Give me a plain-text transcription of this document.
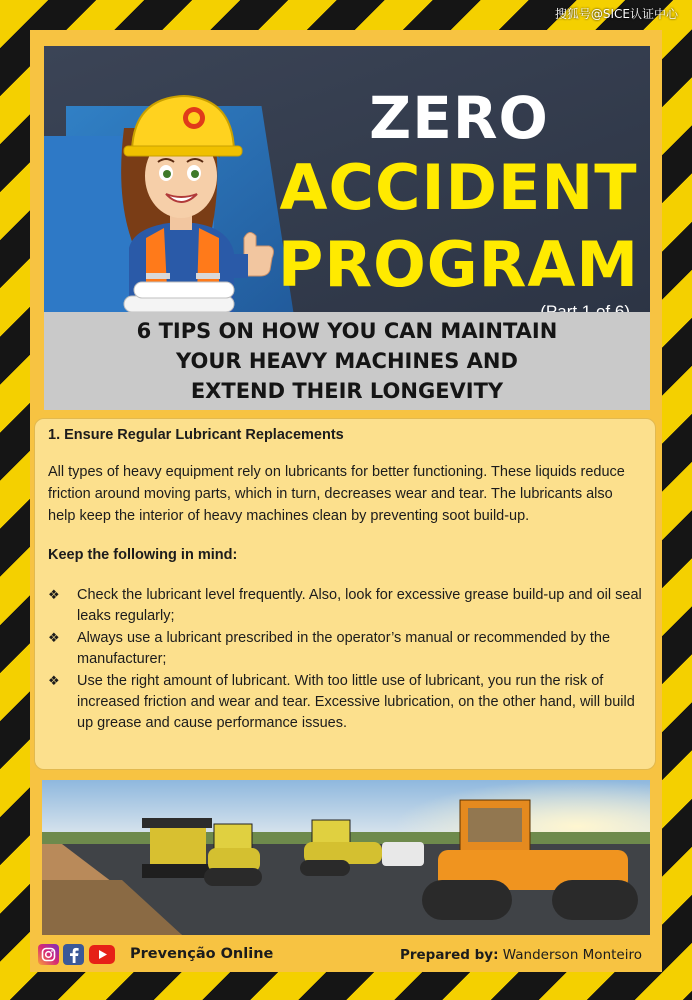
搜狐号@SICE认证中心
ZERO
ACCIDENT
PROGRAM
6 TIPS ON HOW YOU CAN MAINTAIN
YOUR HEAVY MACHINES AND
EXTEND THEIR LONGEVITY
1. Ensure Regular Lubricant Replacements

All types of heavy equipment rely on lubricants for better functioning. These liquids reduce friction around moving parts, which in turn, decreases wear and tear. The lubricants also help keep the interior of heavy machines clean by preventing soot build-up.

Keep the following in mind:
❖ Check the lubricant level frequently. Also, look for excessive grease build-up and oil seal leaks regularly;
❖ Always use a lubricant prescribed in the operator’s manual or recommended by the manufacturer;
❖ Use the right amount of lubricant. With too little use of lubricant, you run the risk of increased friction and wear and tear. Excessive lubrication, on the other hand, will build up grease and cause performance issues.
Prevenção Online	Prepared by: Wanderson Monteiro
